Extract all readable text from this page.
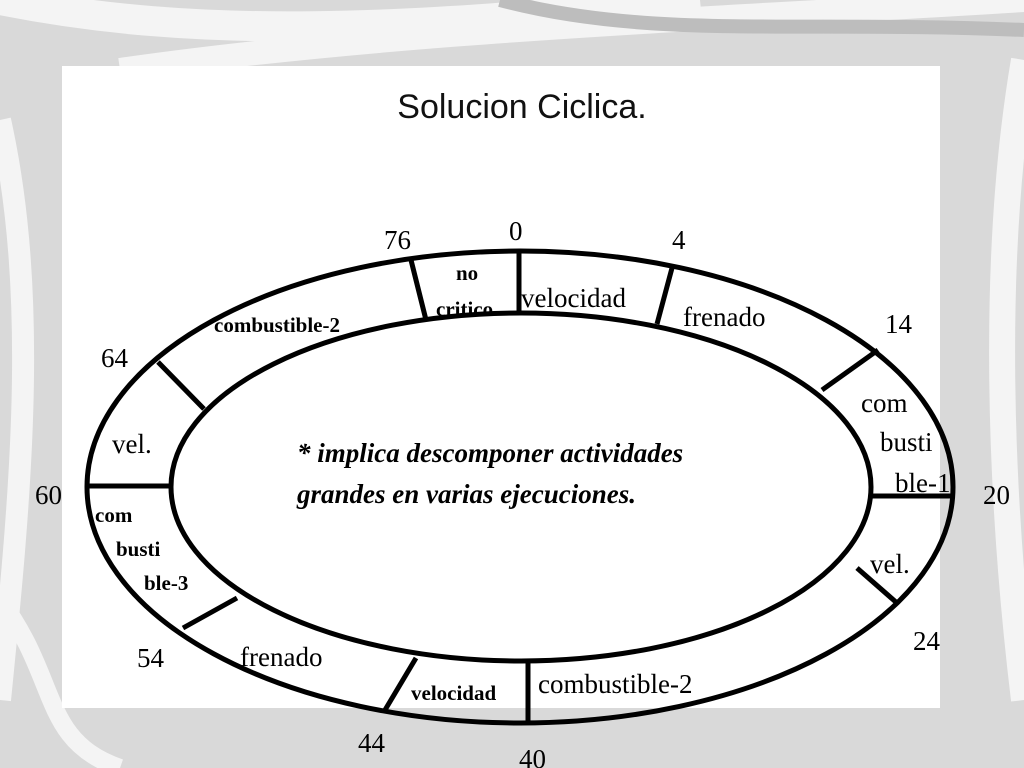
Solucion Ciclica.
0	4
14
20
24
40
44
54
60
64
76
no
critico velocidad
frenado
com
busti
ble-1
vel.
combustible-2
velocidad
frenado
com
busti
ble-3
vel.
combustible-2
* implica descomponer actividades
grandes en varias ejecuciones.
